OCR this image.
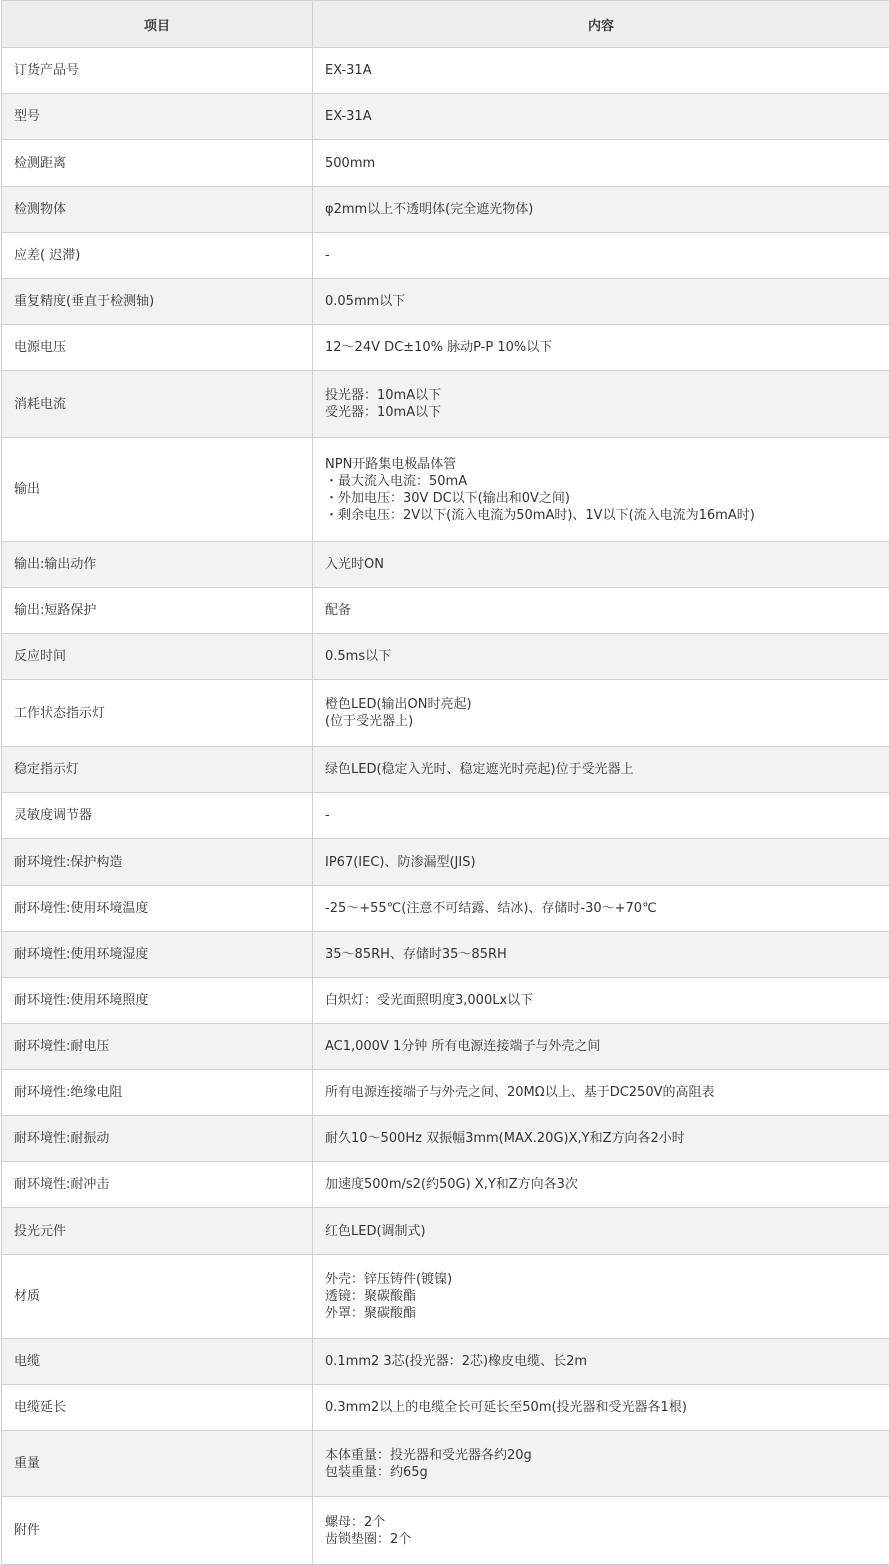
项目	内容
订货产品号	EX-31A

型号	EX-31A

检测距离	500mm

检测物体	φ2mm以上不透明体(完全遮光物体)

应差( 迟滞)	-

重复精度(垂直于检测轴)	0.05mm以下

电源电压	12～24V DC±10% 脉动P-P 10%以下

消耗电流	投光器：10mA以下
受光器：10mA以下

输出	NPN开路集电极晶体管
・最大流入电流：50mA
・外加电压：30V DC以下(输出和0V之间)
・剩余电压：2V以下(流入电流为50mA时)、1V以下(流入电流为16mA时)

输出:输出动作	入光时ON

输出:短路保护	配备

反应时间	0.5ms以下

工作状态指示灯	橙色LED(输出ON时亮起)
(位于受光器上)

稳定指示灯	绿色LED(稳定入光时、稳定遮光时亮起)位于受光器上

灵敏度调节器	-

耐环境性:保护构造	IP67(IEC)、防渗漏型(JIS)

耐环境性:使用环境温度	-25～+55℃(注意不可结露、结冰)、存储时-30～+70℃

耐环境性:使用环境湿度	35～85RH、存储时35～85RH

耐环境性:使用环境照度	白炽灯：受光面照明度3,000Lx以下

耐环境性:耐电压	AC1,000V 1分钟 所有电源连接端子与外壳之间

耐环境性:绝缘电阻	所有电源连接端子与外壳之间、20MΩ以上、基于DC250V的高阻表

耐环境性:耐振动	耐久10～500Hz 双振幅3mm(MAX.20G)X,Y和Z方向各2小时

耐环境性:耐冲击	加速度500m/s2(约50G) X,Y和Z方向各3次

投光元件	红色LED(调制式)

材质	外壳：锌压铸件(镀镍)
透镜：聚碳酸酯
外罩：聚碳酸酯

电缆	0.1mm2 3芯(投光器：2芯)橡皮电缆、长2m

电缆延长	0.3mm2以上的电缆全长可延长至50m(投光器和受光器各1根)

重量	本体重量：投光器和受光器各约20g
包装重量：约65g

附件	螺母：2个
齿锁垫圈：2个
